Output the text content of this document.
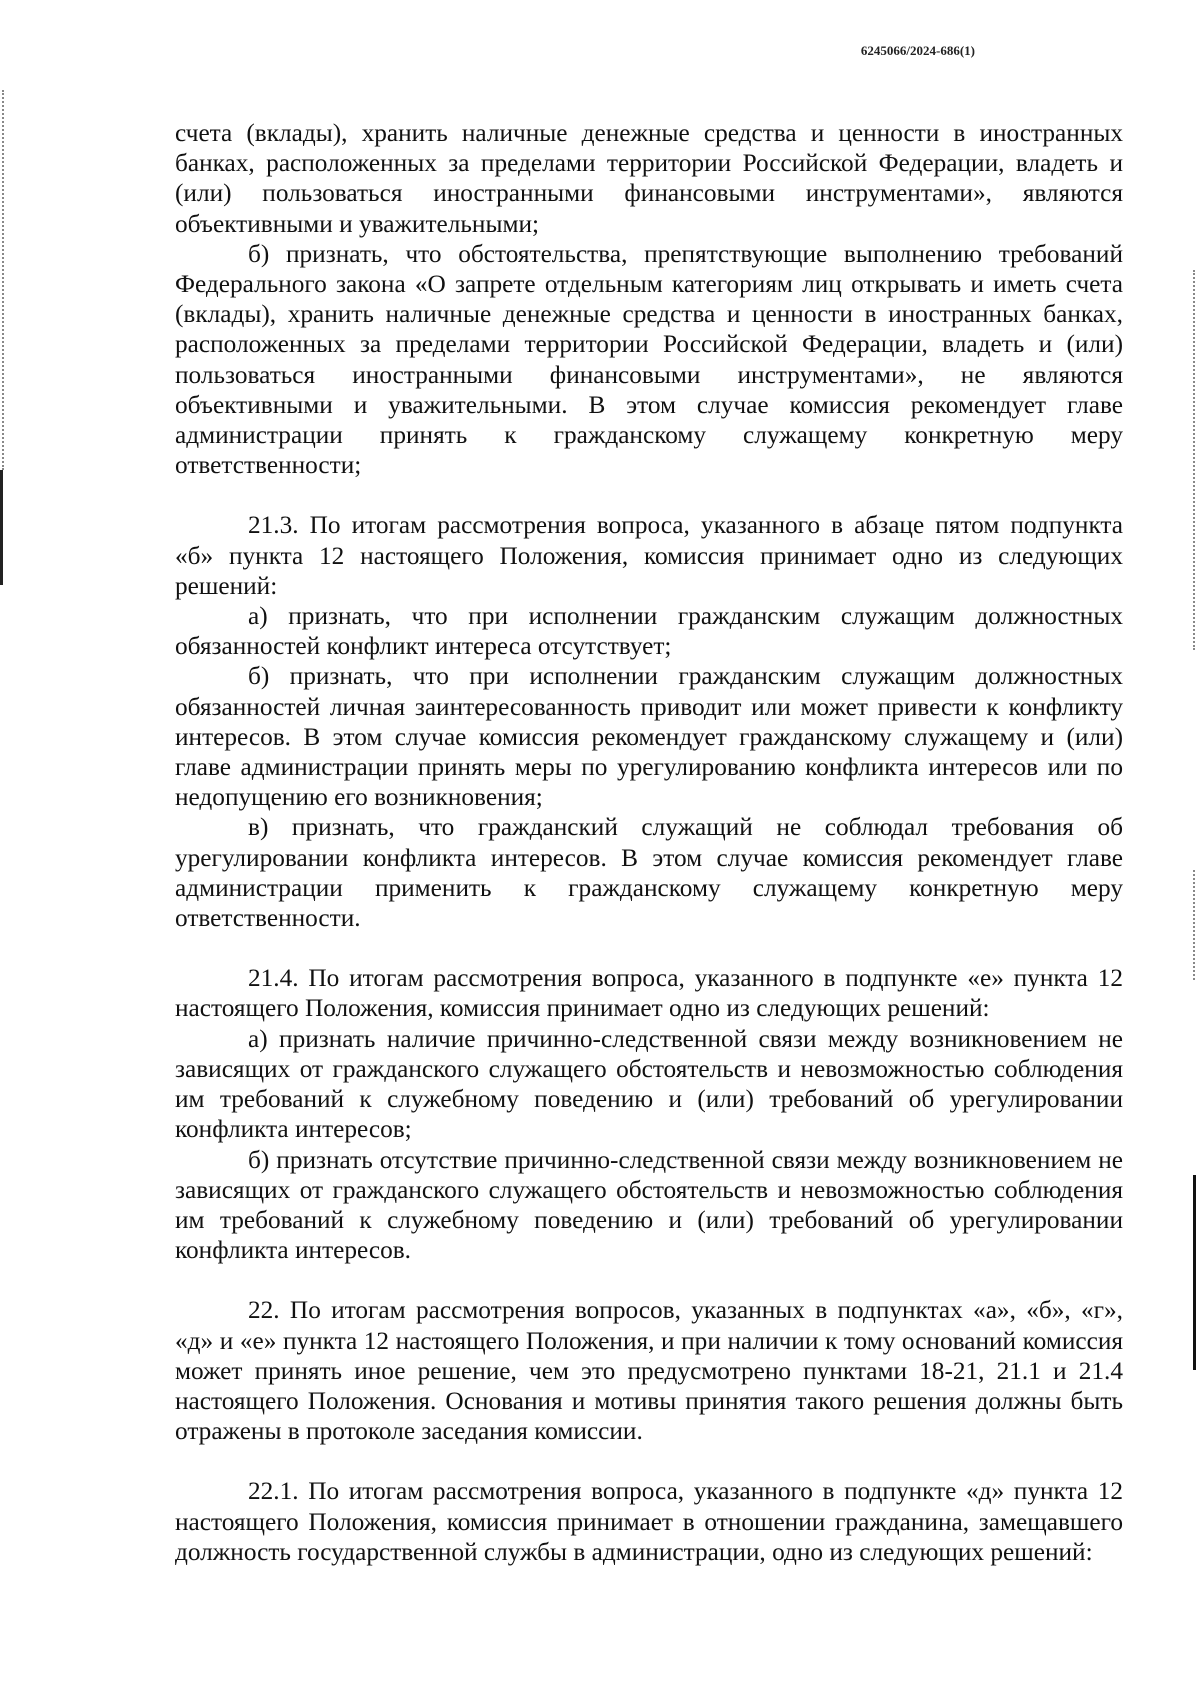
6245066/2024-686(1)

счета (вклады), хранить наличные денежные средства и ценности в иностранных банках, расположенных за пределами территории Российской Федерации, владеть и (или) пользоваться иностранными финансовыми инструментами», являются объективными и уважительными;

б) признать, что обстоятельства, препятствующие выполнению требований Федерального закона «О запрете отдельным категориям лиц открывать и иметь счета (вклады), хранить наличные денежные средства и ценности в иностранных банках, расположенных за пределами территории Российской Федерации, владеть и (или) пользоваться иностранными финансовыми инструментами», не являются объективными и уважительными. В этом случае комиссия рекомендует главе администрации принять к гражданскому служащему конкретную меру ответственности;

21.3. По итогам рассмотрения вопроса, указанного в абзаце пятом подпункта «б» пункта 12 настоящего Положения, комиссия принимает одно из следующих решений:

а) признать, что при исполнении гражданским служащим должностных обязанностей конфликт интереса отсутствует;

б) признать, что при исполнении гражданским служащим должностных обязанностей личная заинтересованность приводит или может привести к конфликту интересов. В этом случае комиссия рекомендует гражданскому служащему и (или) главе администрации принять меры по урегулированию конфликта интересов или по недопущению его возникновения;

в) признать, что гражданский служащий не соблюдал требования об урегулировании конфликта интересов. В этом случае комиссия рекомендует главе администрации применить к гражданскому служащему конкретную меру ответственности.

21.4. По итогам рассмотрения вопроса, указанного в подпункте «е» пункта 12 настоящего Положения, комиссия принимает одно из следующих решений:

а) признать наличие причинно-следственной связи между возникновением не зависящих от гражданского служащего обстоятельств и невозможностью соблюдения им требований к служебному поведению и (или) требований об урегулировании конфликта интересов;

б) признать отсутствие причинно-следственной связи между возникновением не зависящих от гражданского служащего обстоятельств и невозможностью соблюдения им требований к служебному поведению и (или) требований об урегулировании конфликта интересов.

22. По итогам рассмотрения вопросов, указанных в подпунктах «а», «б», «г», «д» и «е» пункта 12 настоящего Положения, и при наличии к тому оснований комиссия может принять иное решение, чем это предусмотрено пунктами 18-21, 21.1 и 21.4 настоящего Положения. Основания и мотивы принятия такого решения должны быть отражены в протоколе заседания комиссии.

22.1. По итогам рассмотрения вопроса, указанного в подпункте «д» пункта 12 настоящего Положения, комиссия принимает в отношении гражданина, замещавшего должность государственной службы в администрации, одно из следующих решений:
